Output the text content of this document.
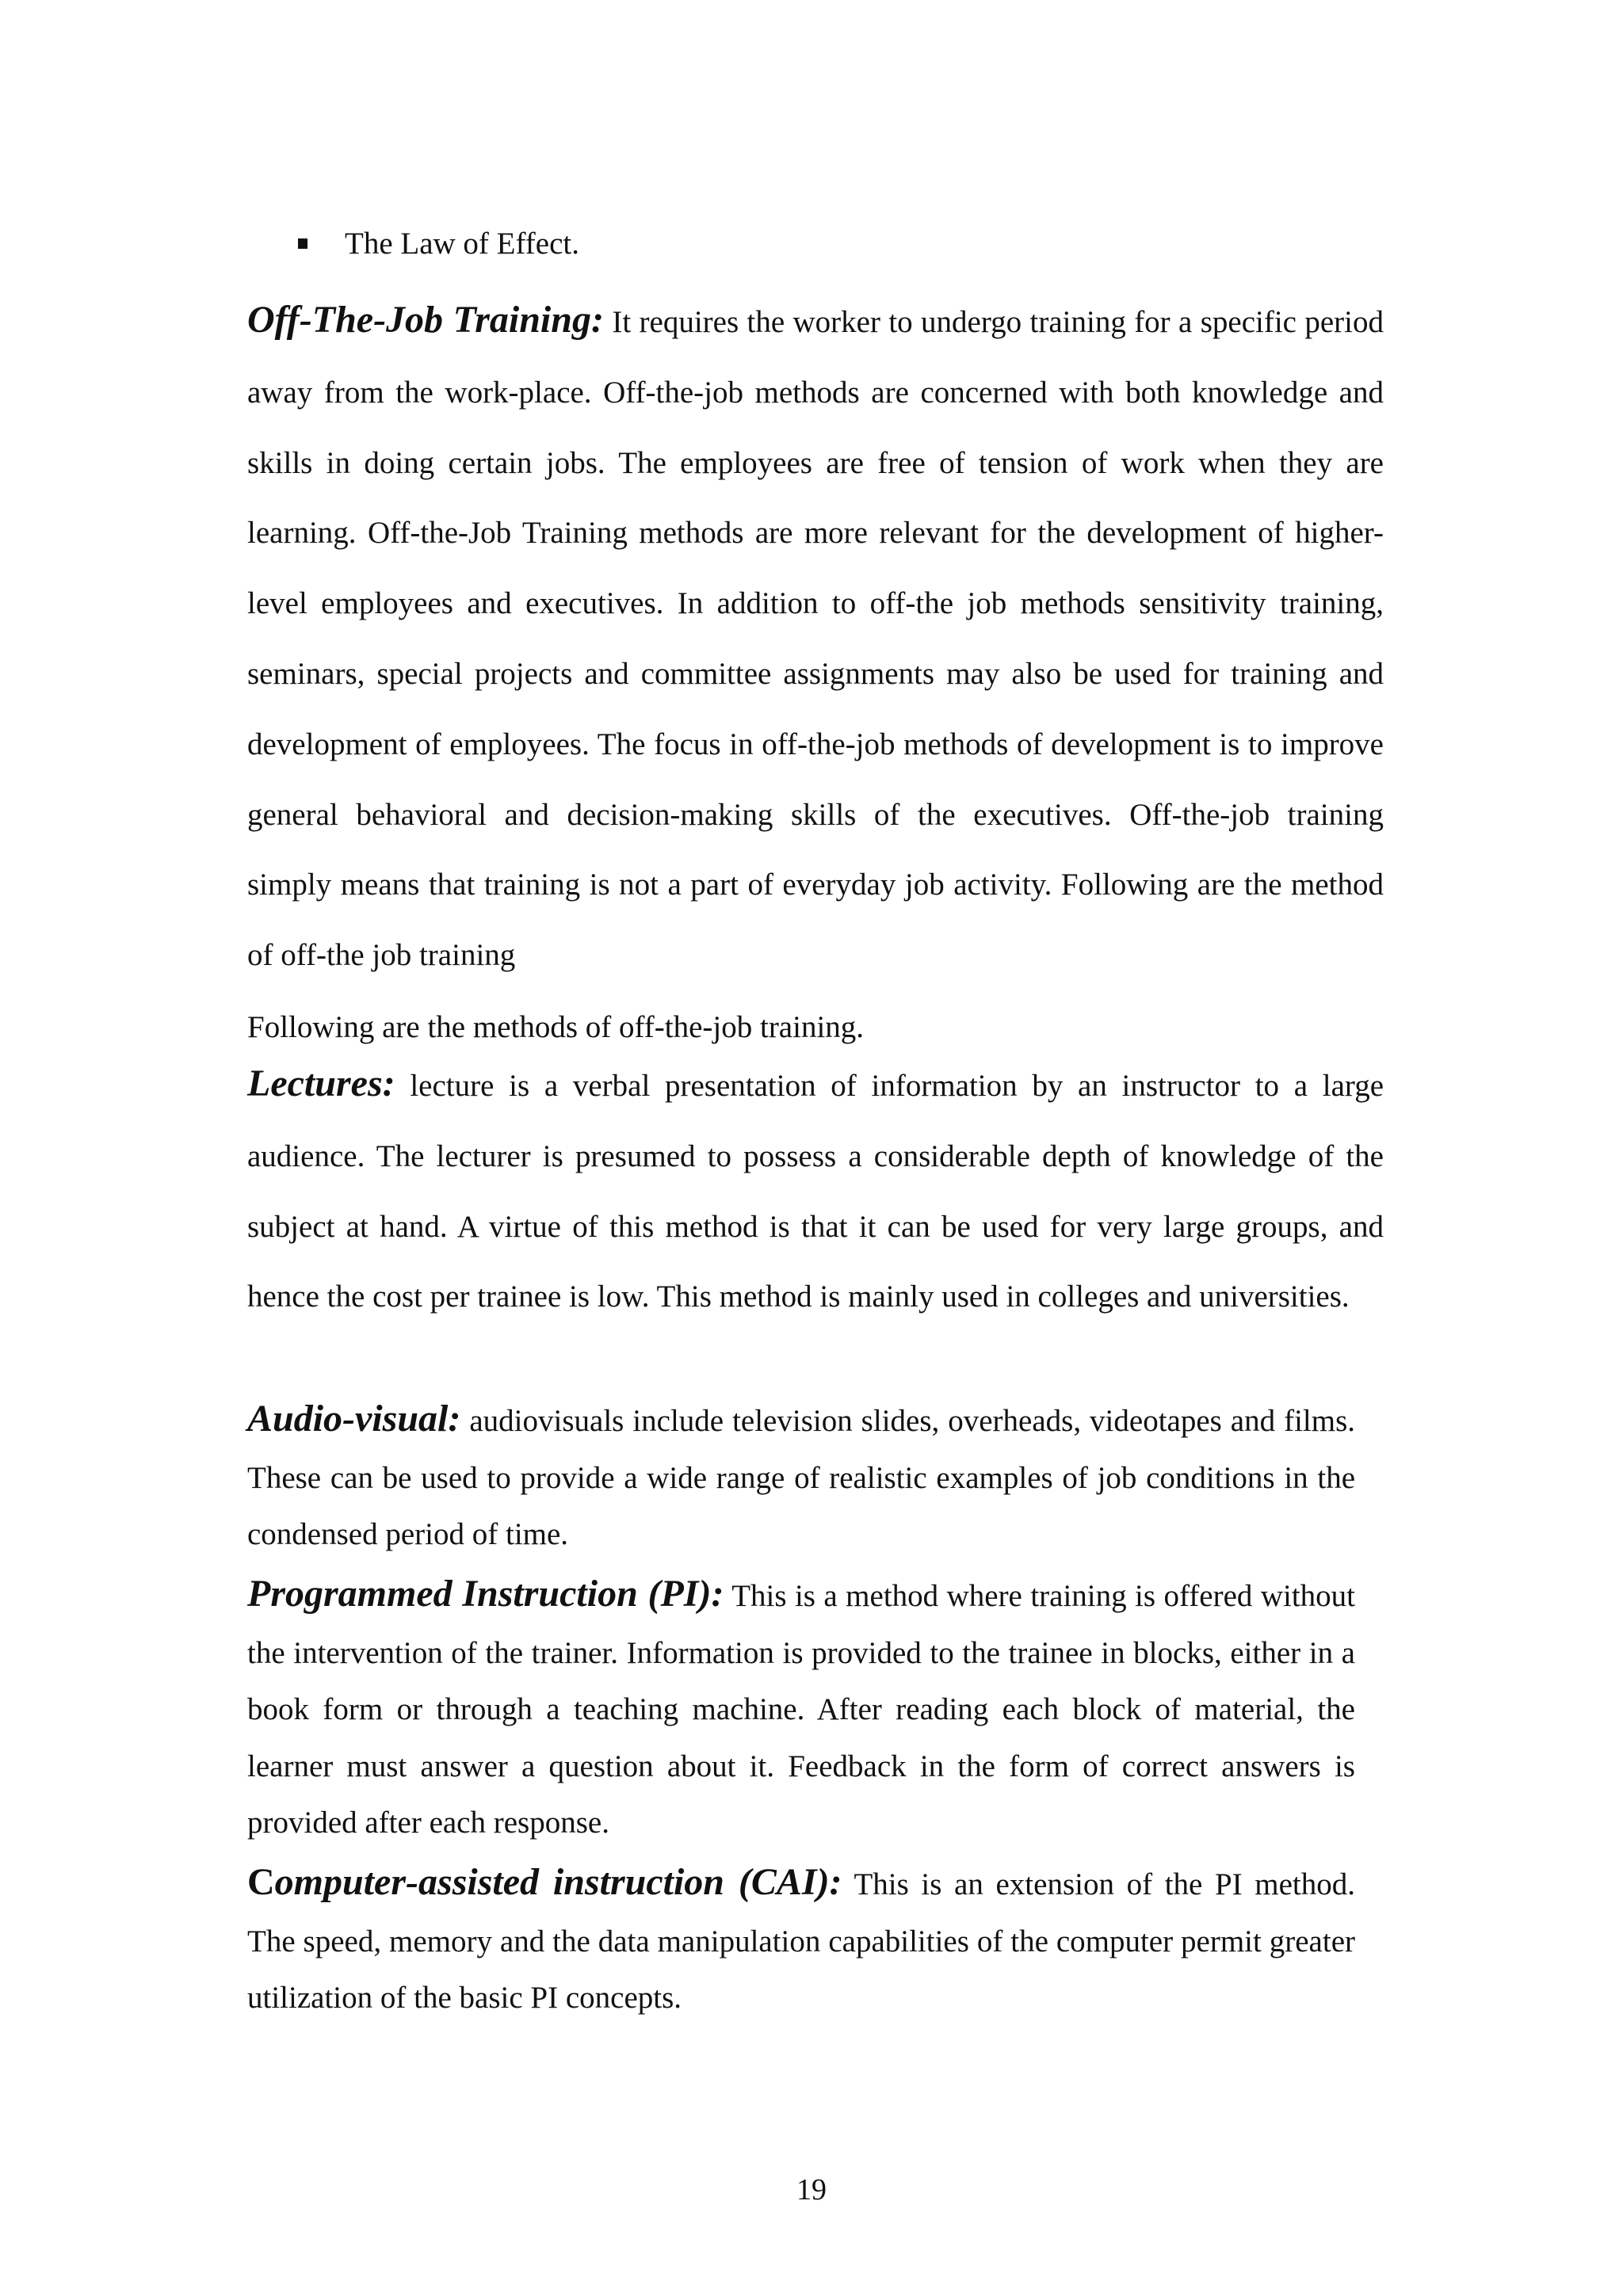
The Law of Effect.

Off-The-Job Training: It requires the worker to undergo training for a specific period away from the work-place. Off-the-job methods are concerned with both knowledge and skills in doing certain jobs. The employees are free of tension of work when they are learning. Off-the-Job Training methods are more relevant for the development of higher-level employees and executives. In addition to off-the job methods sensitivity training, seminars, special projects and committee assignments may also be used for training and development of employees. The focus in off-the-job methods of development is to improve general behavioral and decision-making skills of the executives. Off-the-job training simply means that training is not a part of everyday job activity. Following are the method of off-the job training

Following are the methods of off-the-job training.

Lectures: lecture is a verbal presentation of information by an instructor to a large audience. The lecturer is presumed to possess a considerable depth of knowledge of the subject at hand. A virtue of this method is that it can be used for very large groups, and hence the cost per trainee is low. This method is mainly used in colleges and universities.

Audio-visual: audiovisuals include television slides, overheads, videotapes and films. These can be used to provide a wide range of realistic examples of job conditions in the condensed period of time.

Programmed Instruction (PI): This is a method where training is offered without the intervention of the trainer. Information is provided to the trainee in blocks, either in a book form or through a teaching machine. After reading each block of material, the learner must answer a question about it. Feedback in the form of correct answers is provided after each response.

Computer-assisted instruction (CAI): This is an extension of the PI method. The speed, memory and the data manipulation capabilities of the computer permit greater utilization of the basic PI concepts.

19
